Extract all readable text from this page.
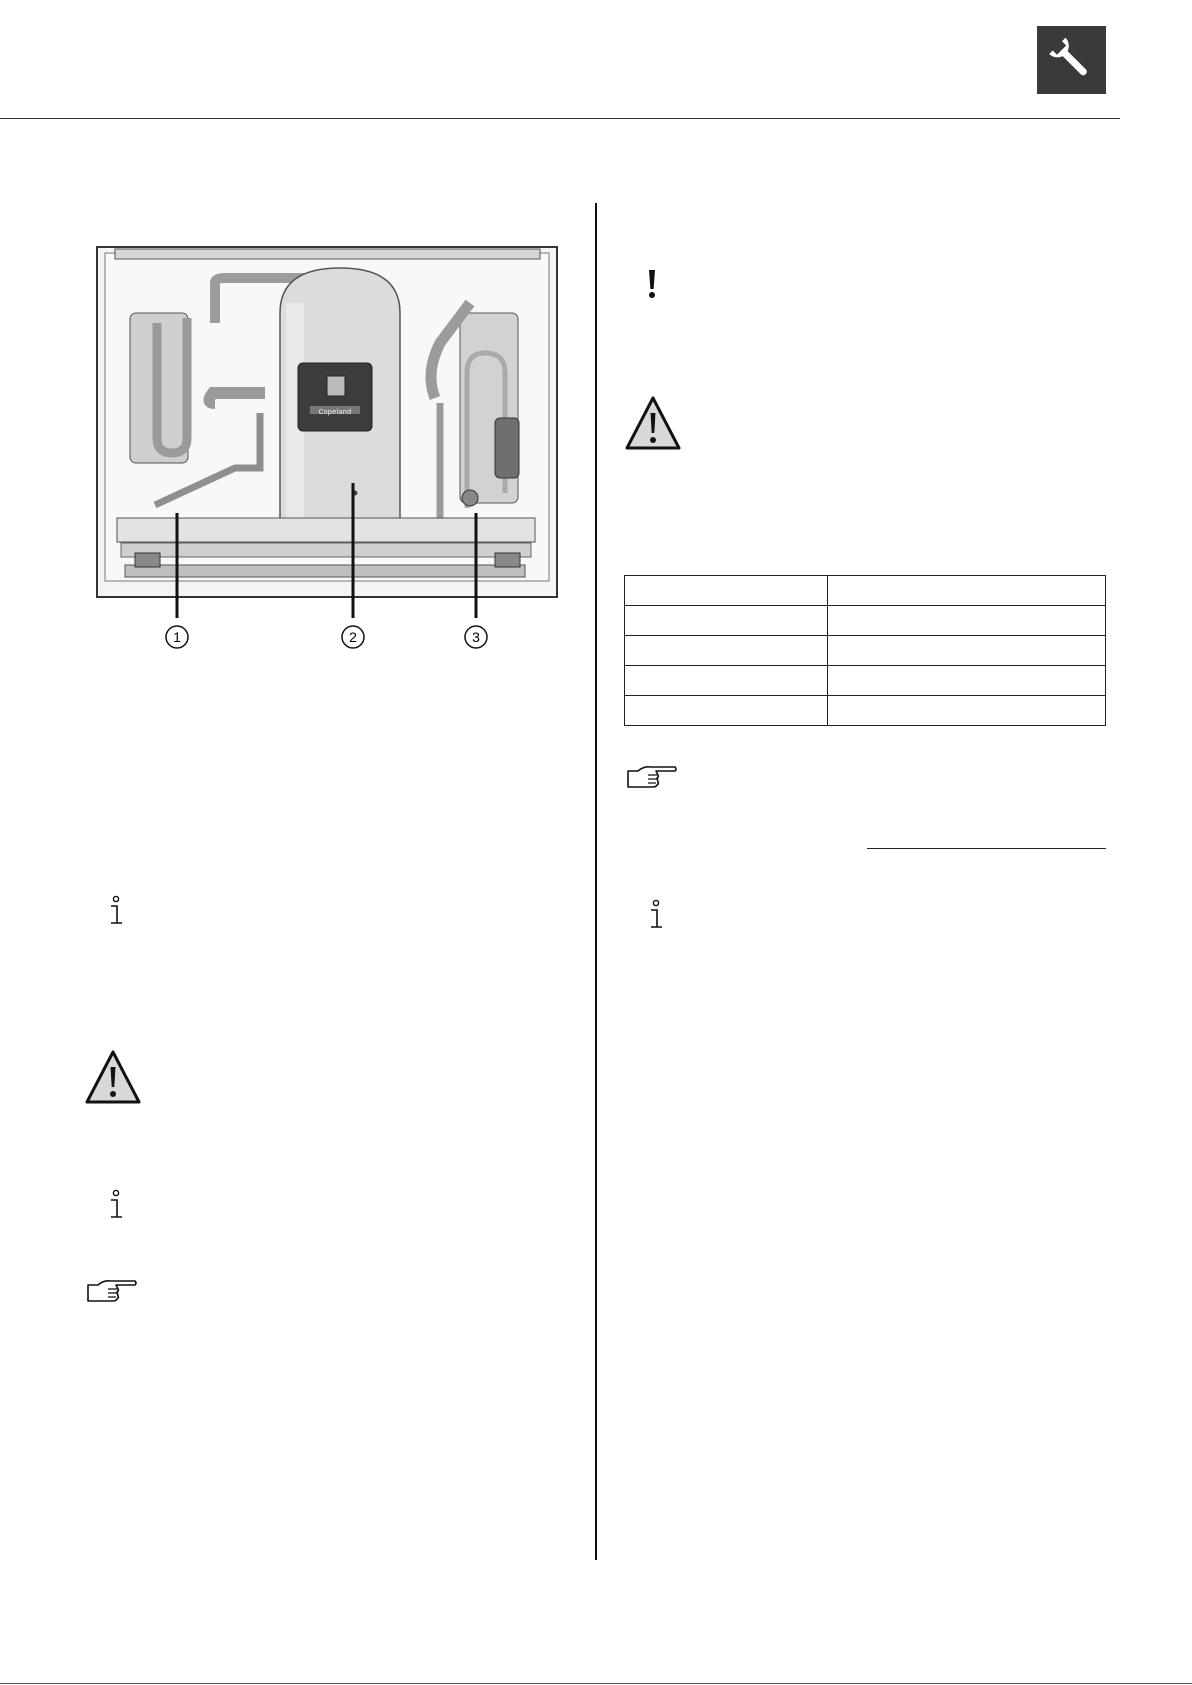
Copeland
1	2	3
